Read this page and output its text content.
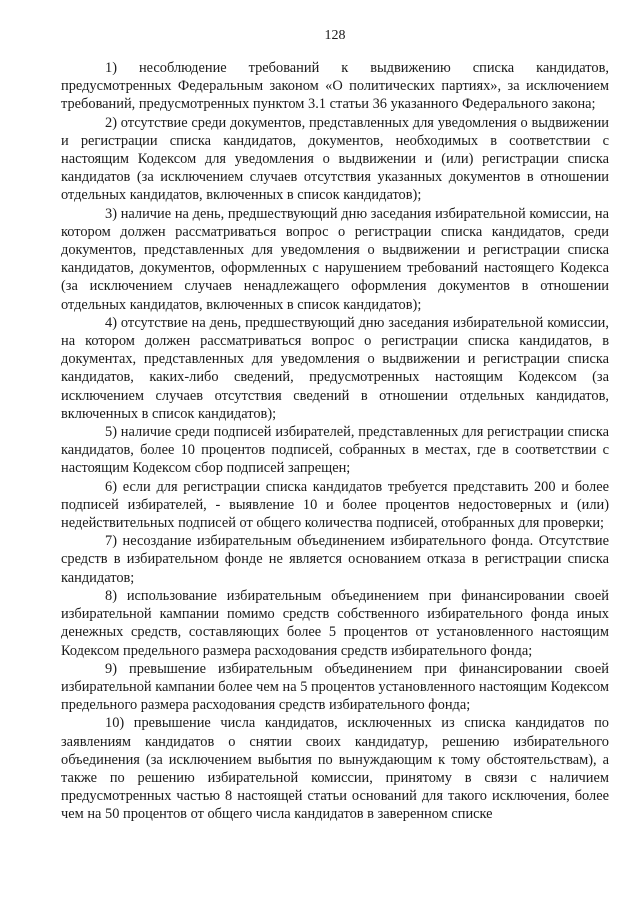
128

1) несоблюдение требований к выдвижению списка кандидатов, предусмотренных Федеральным законом «О политических партиях», за исключением требований, предусмотренных пунктом 3.1 статьи 36 указанного Федерального закона;

2) отсутствие среди документов, представленных для уведомления о выдвижении и регистрации списка кандидатов, документов, необходимых в соответствии с настоящим Кодексом для уведомления о выдвижении и (или) регистрации списка кандидатов (за исключением случаев отсутствия указанных документов в отношении отдельных кандидатов, включенных в список кандидатов);

3) наличие на день, предшествующий дню заседания избирательной комиссии, на котором должен рассматриваться вопрос о регистрации списка кандидатов, среди документов, представленных для уведомления о выдвижении и регистрации списка кандидатов, документов, оформленных с нарушением требований настоящего Кодекса (за исключением случаев ненадлежащего оформления документов в отношении отдельных кандидатов, включенных в список кандидатов);

4) отсутствие на день, предшествующий дню заседания избирательной комиссии, на котором должен рассматриваться вопрос о регистрации списка кандидатов, в документах, представленных для уведомления о выдвижении и регистрации списка кандидатов, каких-либо сведений, предусмотренных настоящим Кодексом (за исключением случаев отсутствия сведений в отношении отдельных кандидатов, включенных в список кандидатов);

5) наличие среди подписей избирателей, представленных для регистрации списка кандидатов, более 10 процентов подписей, собранных в местах, где в соответствии с настоящим Кодексом сбор подписей запрещен;

6) если для регистрации списка кандидатов требуется представить 200 и более подписей избирателей, - выявление 10 и более процентов недостоверных и (или) недействительных подписей от общего количества подписей, отобранных для проверки;

7) несоздание избирательным объединением избирательного фонда. Отсутствие средств в избирательном фонде не является основанием отказа в регистрации списка кандидатов;

8) использование избирательным объединением при финансировании своей избирательной кампании помимо средств собственного избирательного фонда иных денежных средств, составляющих более 5 процентов от установленного настоящим Кодексом предельного размера расходования средств избирательного фонда;

9) превышение избирательным объединением при финансировании своей избирательной кампании более чем на 5 процентов установленного настоящим Кодексом предельного размера расходования средств избирательного фонда;

10) превышение числа кандидатов, исключенных из списка кандидатов по заявлениям кандидатов о снятии своих кандидатур, решению избирательного объединения (за исключением выбытия по вынуждающим к тому обстоятельствам), а также по решению избирательной комиссии, принятому в связи с наличием предусмотренных частью 8 настоящей статьи оснований для такого исключения, более чем на 50 процентов от общего числа кандидатов в заверенном списке
